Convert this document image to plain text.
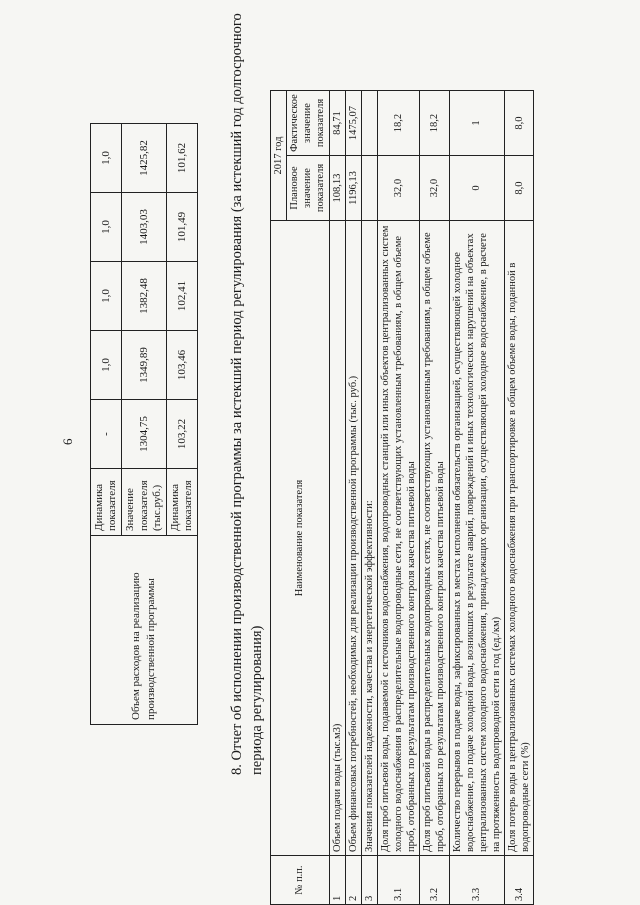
6
Объем расходов на реализацию производственной программы	Динамика показателя	-	1,0	1,0	1,0	1,0
	Значение показателя (тыс.руб.)	1304,75	1349,89	1382,48	1403,03	1425,82
	Динамика показателя	103,22	103,46	102,41	101,49	101,62	8. Отчет об исполнении производственной программы за истекший период регулирования (за истекший год долгосрочного периода регулирования)
№ п.п.	Наименование показателя	2017 год	
		Плановое значение показателя	Фактическое значение показателя
1	Объем подачи воды (тыс.м3)	108,13	84,71
2	Объем финансовых потребностей, необходимых для реализации производственной программы (тыс. руб.)	1196,13	1475,07
3	Значения показателей надежности, качества и энергетической эффективности:		
3.1	Доля проб питьевой воды, подаваемой с источников водоснабжения, водопроводных станций или иных объектов централизованных систем холодного водоснабжения в распределительные водопроводные сети, не соответствующих установленным требованиям, в общем объеме проб, отобранных по результатам производственного контроля качества питьевой воды	32,0	18,2
3.2	Доля проб питьевой воды в распределительных водопроводных сетях, не соответствующих установленным требованиям, в общем объеме проб, отобранных по результатам производственного контроля качества питьевой воды	32,0	18,2
3.3	Количество перерывов в подаче воды, зафиксированных в местах исполнения обязательств организацией, осуществляющей холодное водоснабжение, по подаче холодной воды, возникших в результате аварий, повреждений и иных технологических нарушений на объектах централизованных систем холодного водоснабжения, принадлежащих организации, осуществляющей холодное водоснабжение, в расчете на протяженность водопроводной сети в год (ед./км)	0	1
3.4	Доля потерь воды в централизованных системах холодного водоснабжения при транспортировке в общем объеме воды, поданной в водопроводные сети (%)	8,0	8,0
